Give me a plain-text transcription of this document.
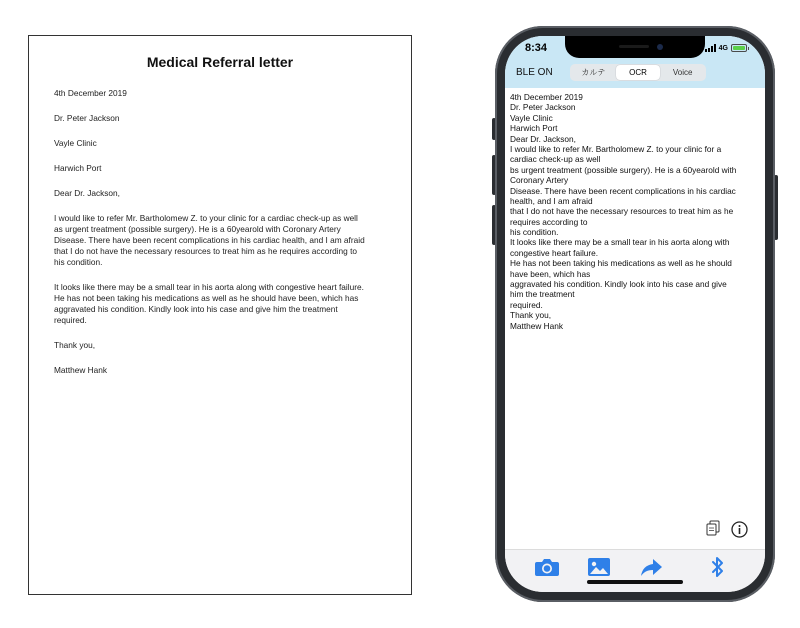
Medical Referral letter
4th December 2019
Dr. Peter Jackson
Vayle Clinic
Harwich Port
Dear Dr. Jackson,
I would like to refer Mr. Bartholomew Z. to your clinic for a cardiac check-up as well
as urgent treatment (possible surgery). He is a 60yearold with Coronary Artery
Disease. There have been recent complications in his cardiac health, and I am afraid
that I do not have the necessary resources to treat him as he requires according to
his condition.
It looks like there may be a small tear in his aorta along with congestive heart failure.
He has not been taking his medications as well as he should have been, which has
aggravated his condition. Kindly look into his case and give him the treatment
required.
Thank you,
Matthew Hank
8:34	4G
BLE ON	カルテ	OCR	Voice
4th December 2019
Dr. Peter Jackson
Vayle Clinic
Harwich Port
Dear Dr. Jackson,
I would like to refer Mr. Bartholomew Z. to your clinic for a
cardiac check-up as well
bs urgent treatment (possible surgery). He is a 60yearold with
Coronary Artery
Disease. There have been recent complications in his cardiac
health, and I am afraid
that I do not have the necessary resources to treat him as he
requires according to
his condition.
It looks like there may be a small tear in his aorta along with
congestive heart failure.
He has not been taking his medications as well as he should
have been, which has
aggravated his condition. Kindly look into his case and give
him the treatment
required.
Thank you,
Matthew Hank
